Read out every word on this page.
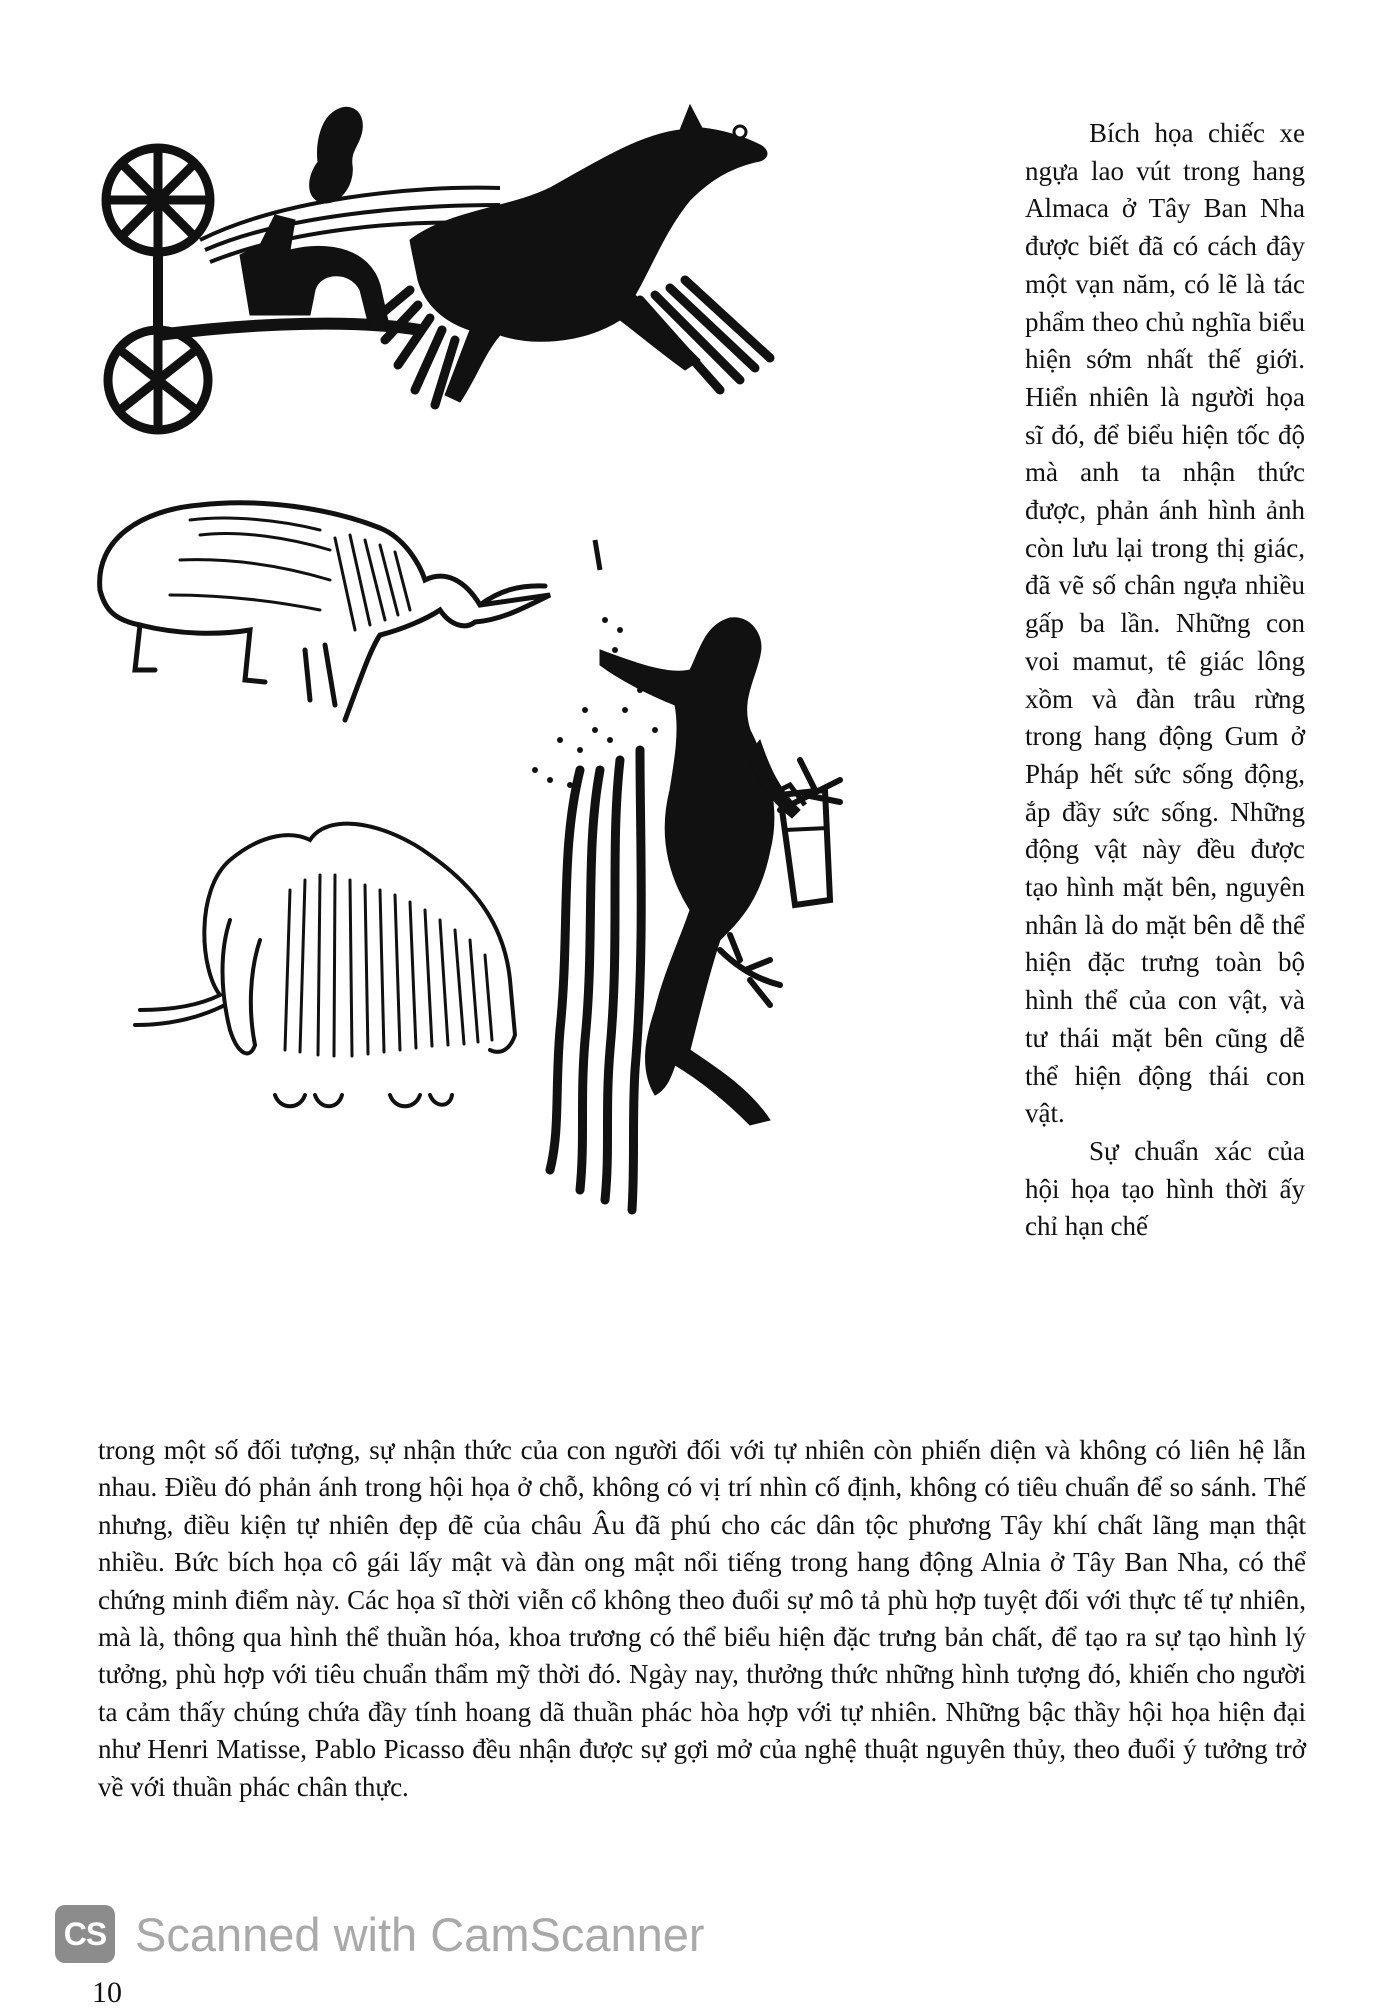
Bích họa chiếc xe ngựa lao vút trong hang Almaca ở Tây Ban Nha được biết đã có cách đây một vạn năm, có lẽ là tác phẩm theo chủ nghĩa biểu hiện sớm nhất thế giới. Hiển nhiên là người họa sĩ đó, để biểu hiện tốc độ mà anh ta nhận thức được, phản ánh hình ảnh còn lưu lại trong thị giác, đã vẽ số chân ngựa nhiều gấp ba lần. Những con voi mamut, tê giác lông xồm và đàn trâu rừng trong hang động Gum ở Pháp hết sức sống động, ắp đầy sức sống. Những động vật này đều được tạo hình mặt bên, nguyên nhân là do mặt bên dễ thể hiện đặc trưng toàn bộ hình thể của con vật, và tư thái mặt bên cũng dễ thể hiện động thái con vật.

Sự chuẩn xác của hội họa tạo hình thời ấy chỉ hạn chế

trong một số đối tượng, sự nhận thức của con người đối với tự nhiên còn phiến diện và không có liên hệ lẫn nhau. Điều đó phản ánh trong hội họa ở chỗ, không có vị trí nhìn cố định, không có tiêu chuẩn để so sánh. Thế nhưng, điều kiện tự nhiên đẹp đẽ của châu Âu đã phú cho các dân tộc phương Tây khí chất lãng mạn thật nhiều. Bức bích họa cô gái lấy mật và đàn ong mật nổi tiếng trong hang động Alnia ở Tây Ban Nha, có thể chứng minh điểm này. Các họa sĩ thời viễn cổ không theo đuổi sự mô tả phù hợp tuyệt đối với thực tế tự nhiên, mà là, thông qua hình thể thuần hóa, khoa trương có thể biểu hiện đặc trưng bản chất, để tạo ra sự tạo hình lý tưởng, phù hợp với tiêu chuẩn thẩm mỹ thời đó. Ngày nay, thưởng thức những hình tượng đó, khiến cho người ta cảm thấy chúng chứa đầy tính hoang dã thuần phác hòa hợp với tự nhiên. Những bậc thầy hội họa hiện đại như Henri Matisse, Pablo Picasso đều nhận được sự gợi mở của nghệ thuật nguyên thủy, theo đuổi ý tưởng trở về với thuần phác chân thực.

CS Scanned with CamScanner
10
